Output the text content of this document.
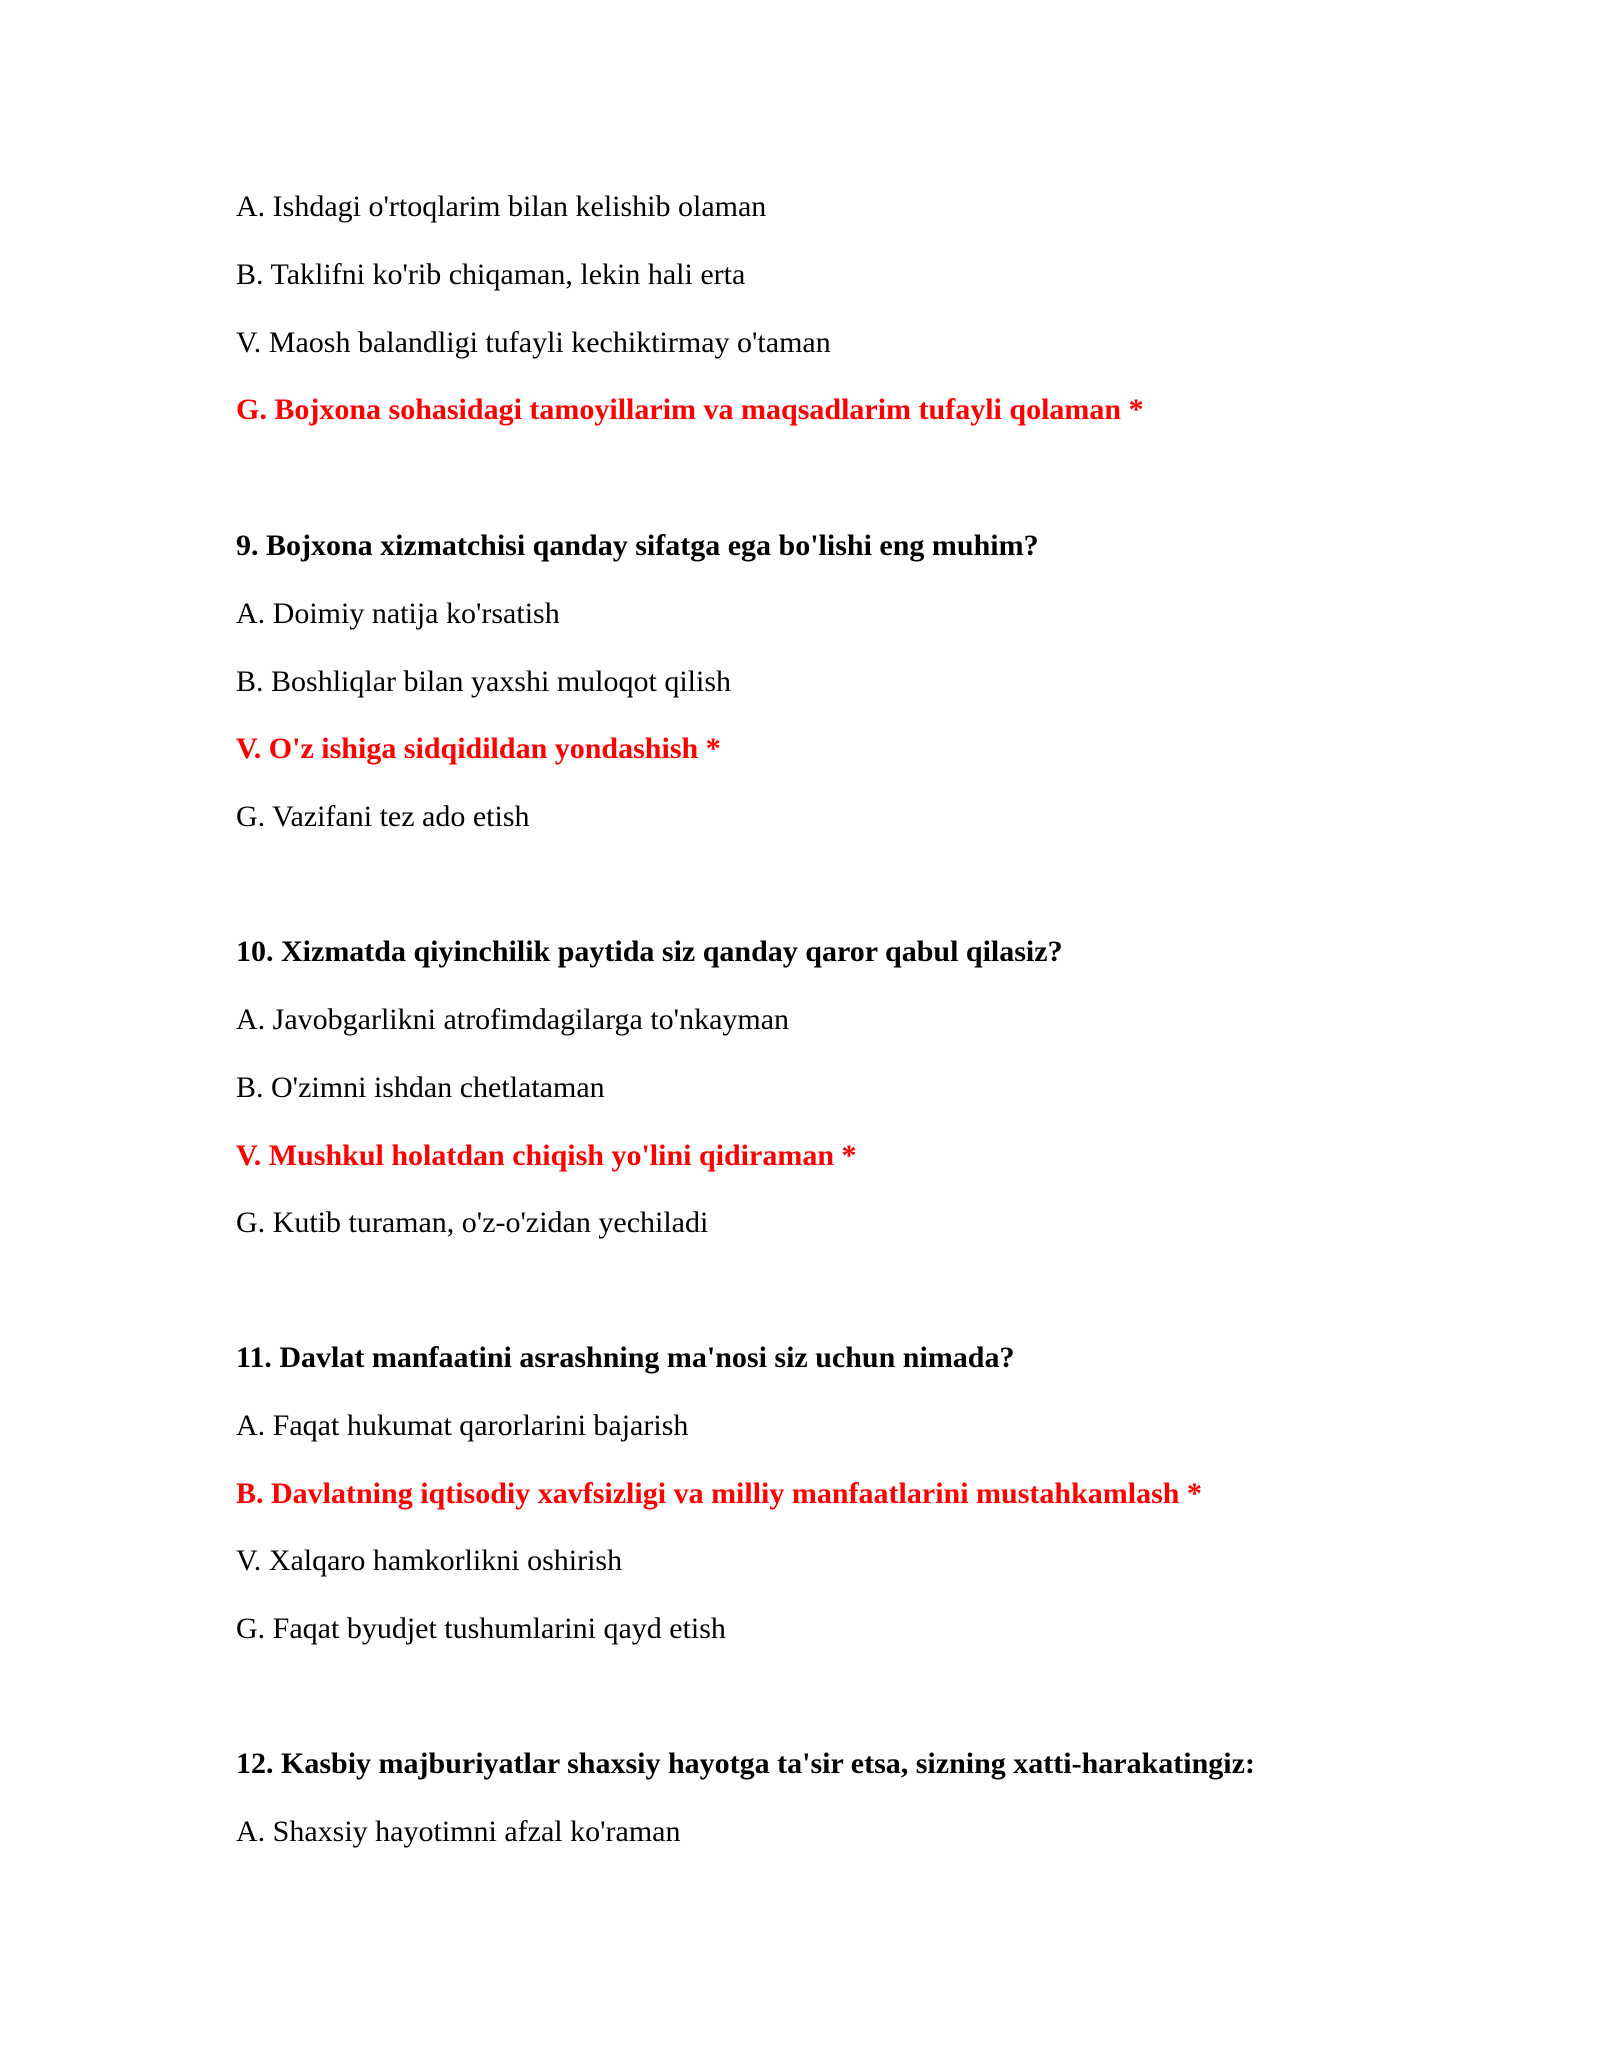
A. Ishdagi o'rtoqlarim bilan kelishib olaman
B. Taklifni ko'rib chiqaman, lekin hali erta
V. Maosh balandligi tufayli kechiktirmay o'taman
G. Bojxona sohasidagi tamoyillarim va maqsadlarim tufayli qolaman *
9. Bojxona xizmatchisi qanday sifatga ega bo'lishi eng muhim?
A. Doimiy natija ko'rsatish
B. Boshliqlar bilan yaxshi muloqot qilish
V. O'z ishiga sidqidildan yondashish *
G. Vazifani tez ado etish
10. Xizmatda qiyinchilik paytida siz qanday qaror qabul qilasiz?
A. Javobgarlikni atrofimdagilarga to'nkayman
B. O'zimni ishdan chetlataman
V. Mushkul holatdan chiqish yo'lini qidiraman *
G. Kutib turaman, o'z-o'zidan yechiladi
11. Davlat manfaatini asrashning ma'nosi siz uchun nimada?
A. Faqat hukumat qarorlarini bajarish
B. Davlatning iqtisodiy xavfsizligi va milliy manfaatlarini mustahkamlash *
V. Xalqaro hamkorlikni oshirish
G. Faqat byudjet tushumlarini qayd etish
12. Kasbiy majburiyatlar shaxsiy hayotga ta'sir etsa, sizning xatti-harakatingiz:
A. Shaxsiy hayotimni afzal ko'raman
